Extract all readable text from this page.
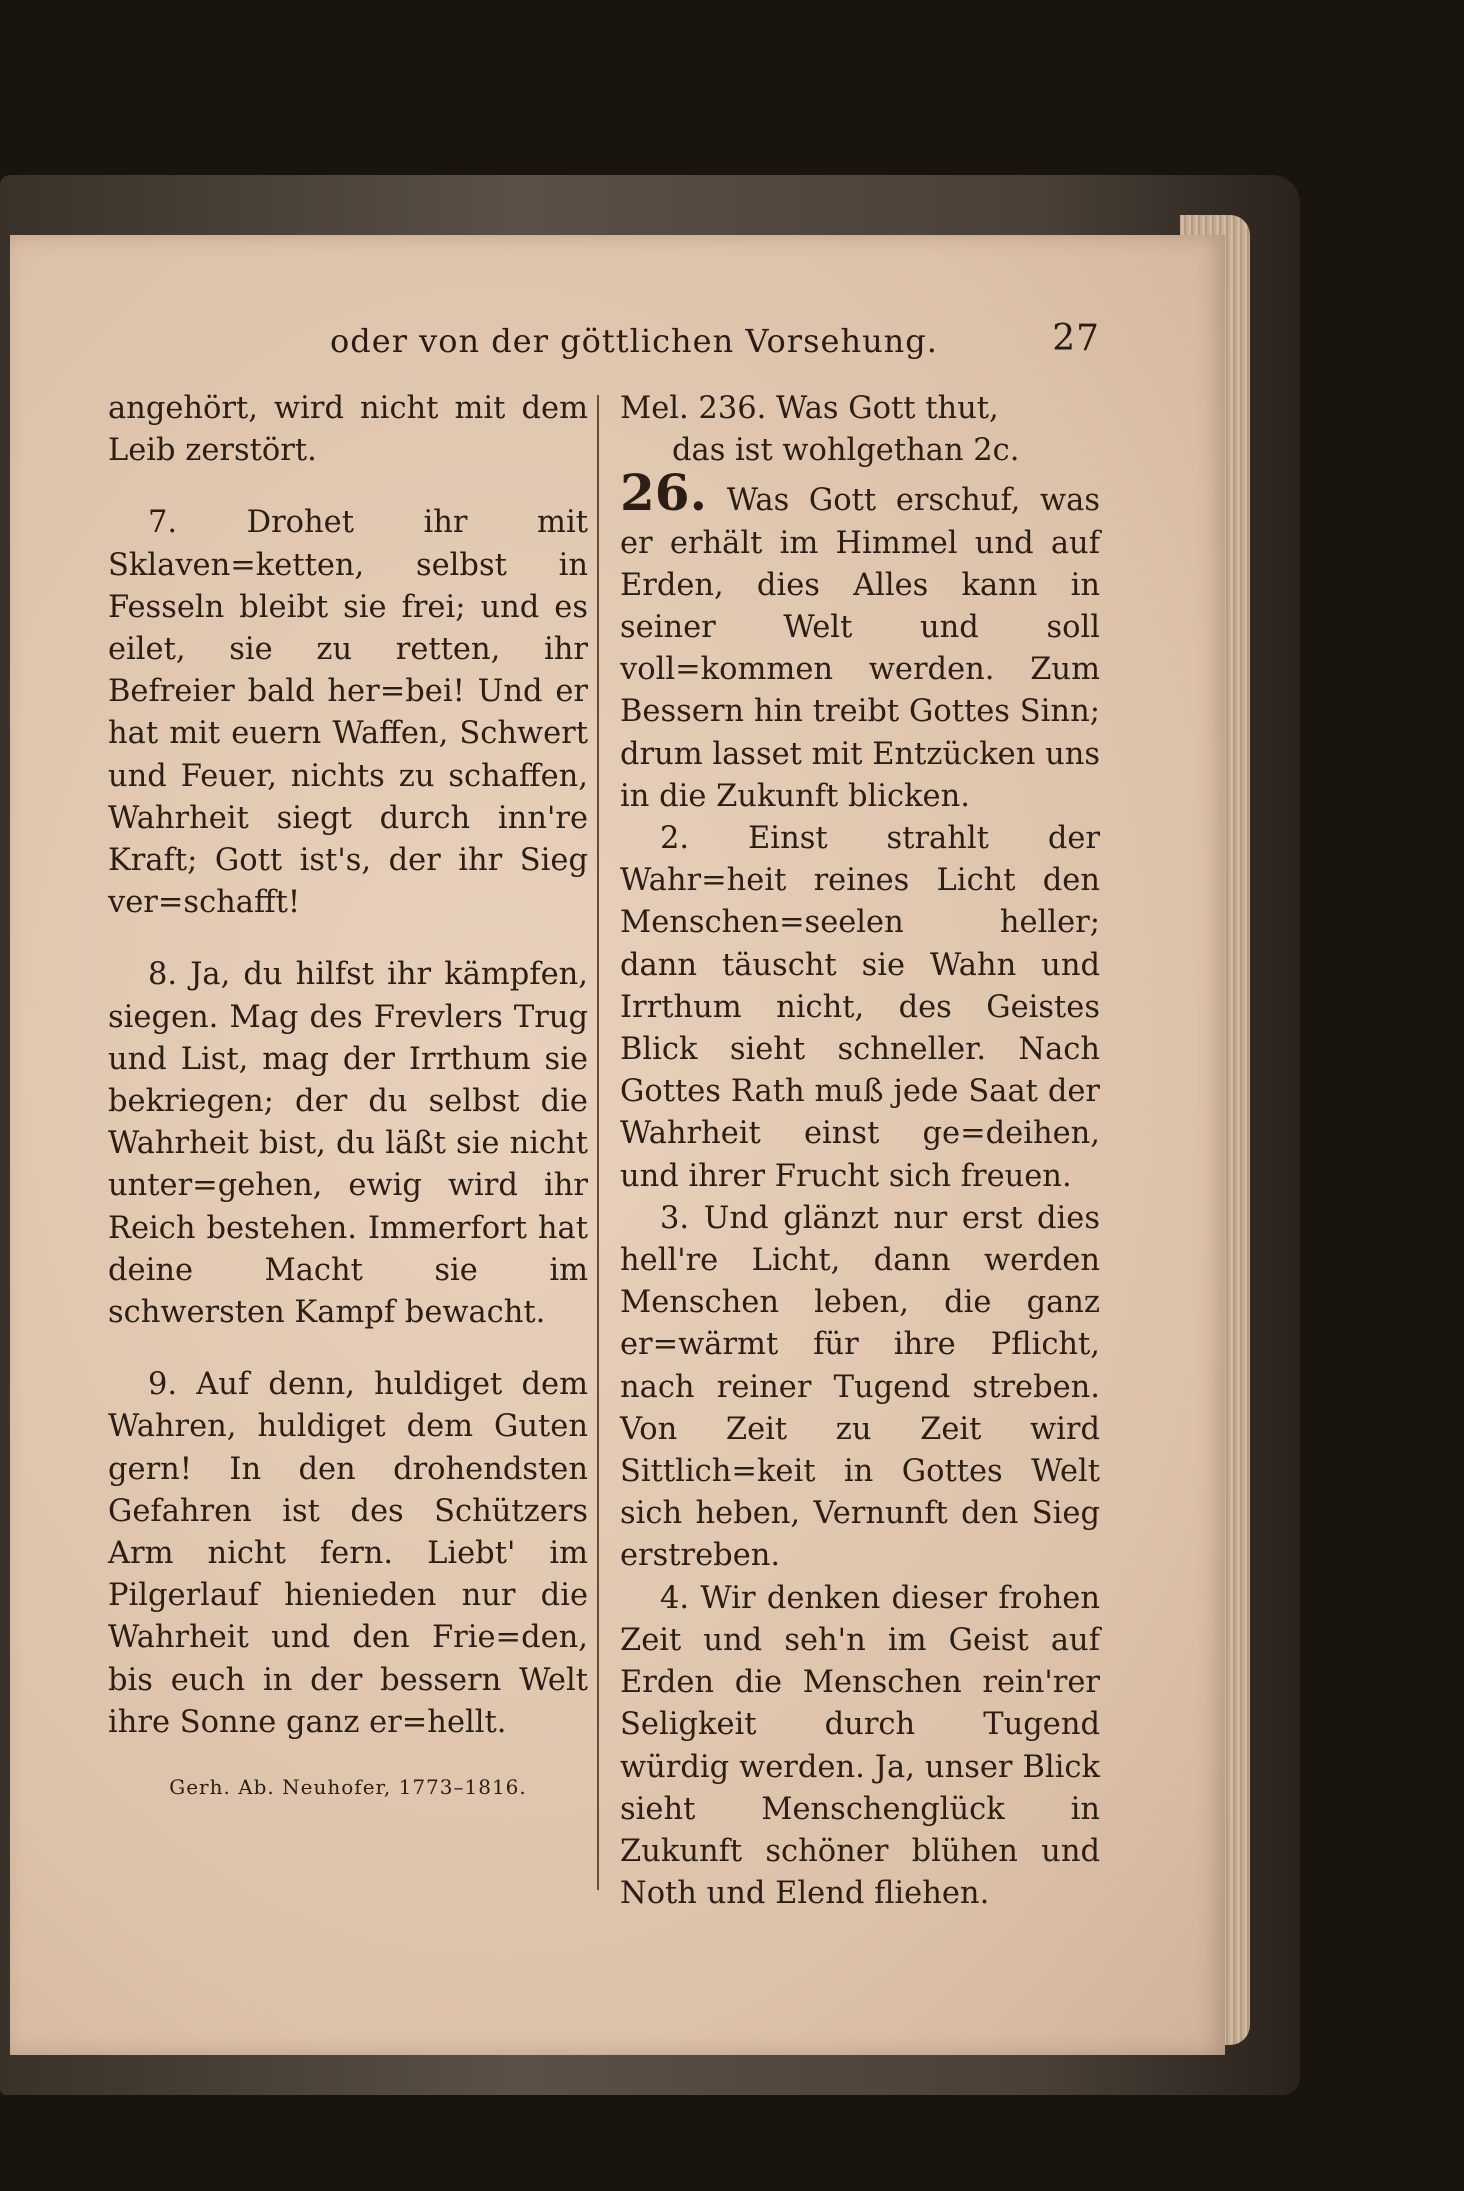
oder von der göttlichen Vorsehung.	27

angehört, wird nicht mit dem Leib zerstört.

7. Drohet ihr mit Sklaven=ketten, selbst in Fesseln bleibt sie frei; und es eilet, sie zu retten, ihr Befreier bald her=bei! Und er hat mit euern Waffen, Schwert und Feuer, nichts zu schaffen, Wahrheit siegt durch inn're Kraft; Gott ist's, der ihr Sieg ver=schafft!

8. Ja, du hilfst ihr kämpfen, siegen. Mag des Frevlers Trug und List, mag der Irrthum sie bekriegen; der du selbst die Wahrheit bist, du läßt sie nicht unter=gehen, ewig wird ihr Reich bestehen. Immerfort hat deine Macht sie im schwersten Kampf bewacht.

9. Auf denn, huldiget dem Wahren, huldiget dem Guten gern! In den drohendsten Gefahren ist des Schützers Arm nicht fern. Liebt' im Pilgerlauf hienieden nur die Wahrheit und den Frie=den, bis euch in der bessern Welt ihre Sonne ganz er=hellt.

Gerh. Ab. Neuhofer, 1773–1816.

Mel. 236. Was Gott thut,

das ist wohlgethan 2c.

26. Was Gott erschuf, was er erhält im Himmel und auf Erden, dies Alles kann in seiner Welt und soll voll=kommen werden. Zum Bessern hin treibt Gottes Sinn; drum lasset mit Entzücken uns in die Zukunft blicken.

2. Einst strahlt der Wahr=heit reines Licht den Menschen=seelen heller; dann täuscht sie Wahn und Irrthum nicht, des Geistes Blick sieht schneller. Nach Gottes Rath muß jede Saat der Wahrheit einst ge=deihen, und ihrer Frucht sich freuen.

3. Und glänzt nur erst dies hell're Licht, dann werden Menschen leben, die ganz er=wärmt für ihre Pflicht, nach reiner Tugend streben. Von Zeit zu Zeit wird Sittlich=keit in Gottes Welt sich heben, Vernunft den Sieg erstreben.

4. Wir denken dieser frohen Zeit und seh'n im Geist auf Erden die Menschen rein'rer Seligkeit durch Tugend würdig werden. Ja, unser Blick sieht Menschenglück in Zukunft schöner blühen und Noth und Elend fliehen.
